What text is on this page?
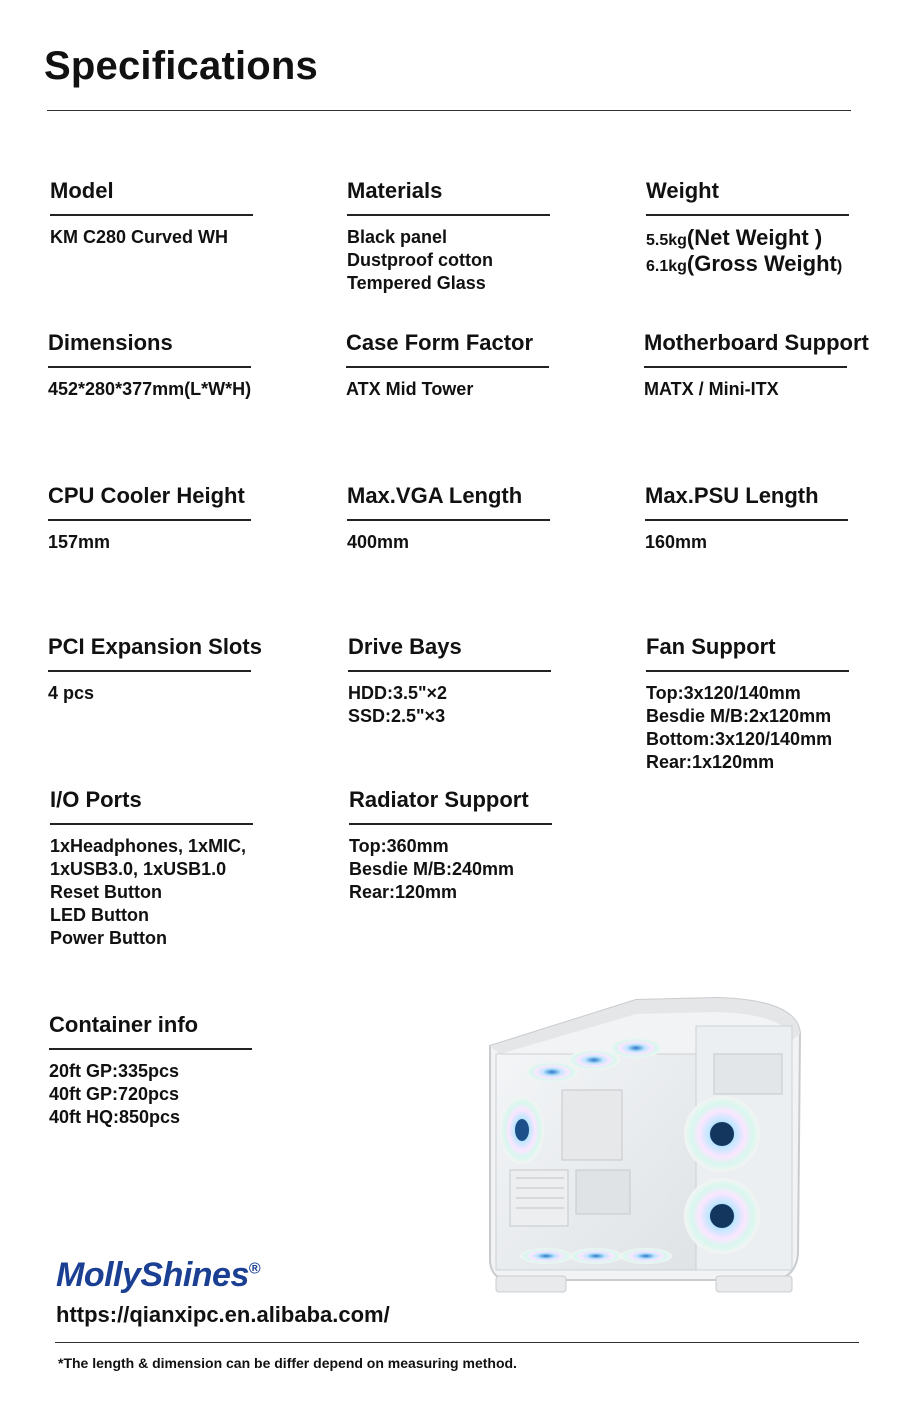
Specifications
Model
KM C280 Curved WH
Materials
Black panel
Dustproof cotton
Tempered Glass
Weight
5.5kg(Net Weight )
6.1kg(Gross Weight)
Dimensions
452*280*377mm(L*W*H)
Case Form Factor
ATX Mid Tower
Motherboard Support
MATX / Mini-ITX
CPU Cooler Height
157mm
Max.VGA Length
400mm
Max.PSU Length
160mm
PCI Expansion Slots
4 pcs
Drive Bays
HDD:3.5"×2
SSD:2.5"×3
Fan Support
Top:3x120/140mm
Besdie M/B:2x120mm
Bottom:3x120/140mm
Rear:1x120mm
I/O Ports
1xHeadphones, 1xMIC,
1xUSB3.0, 1xUSB1.0
Reset Button
LED Button
Power Button
Radiator Support
Top:360mm
Besdie M/B:240mm
Rear:120mm
Container info
20ft GP:335pcs
40ft GP:720pcs
40ft HQ:850pcs
MollyShines®
https://qianxipc.en.alibaba.com/
*The length & dimension can be differ depend on measuring method.
